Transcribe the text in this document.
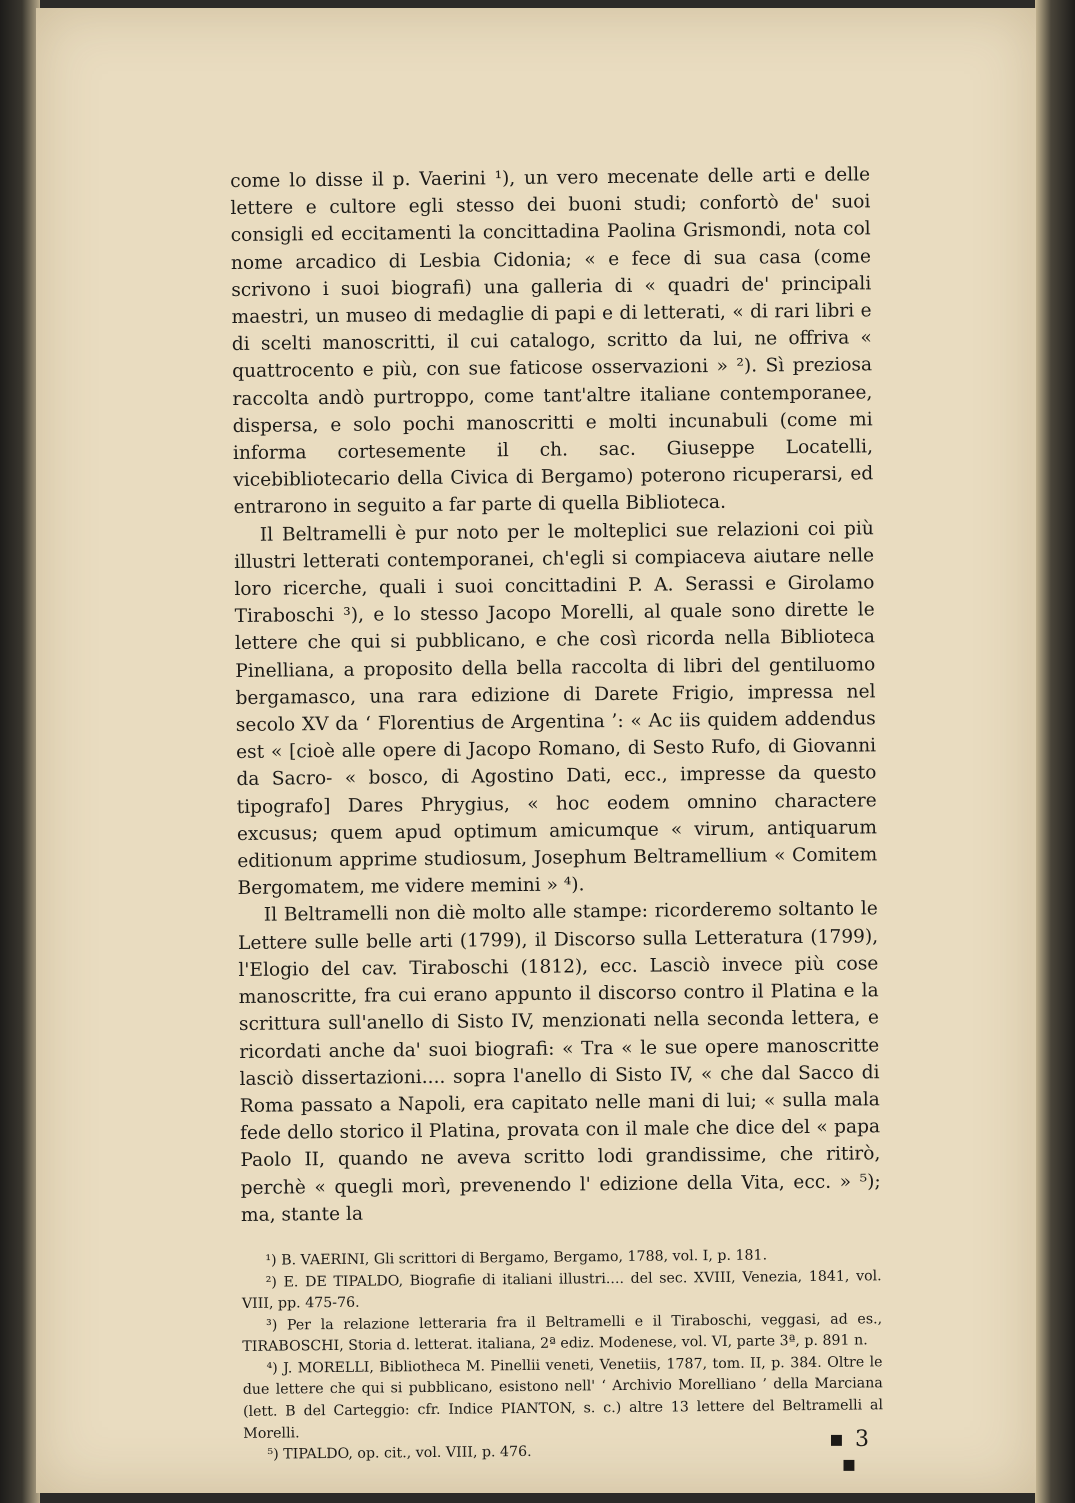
come lo disse il p. Vaerini ¹), un vero mecenate delle arti e delle lettere e cultore egli stesso dei buoni studi; confortò de' suoi consigli ed eccitamenti la concittadina Paolina Grismondi, nota col nome arcadico di Lesbia Cidonia; « e fece di sua casa (come scrivono i suoi biografi) una galleria di « quadri de' principali maestri, un museo di medaglie di papi e di letterati, « di rari libri e di scelti manoscritti, il cui catalogo, scritto da lui, ne offriva « quattrocento e più, con sue faticose osservazioni » ²). Sì preziosa raccolta andò purtroppo, come tant'altre italiane contemporanee, dispersa, e solo pochi manoscritti e molti incunabuli (come mi informa cortesemente il ch. sac. Giuseppe Locatelli, vicebibliotecario della Civica di Bergamo) poterono ricuperarsi, ed entrarono in seguito a far parte di quella Biblioteca.

Il Beltramelli è pur noto per le molteplici sue relazioni coi più illustri letterati contemporanei, ch'egli si compiaceva aiutare nelle loro ricerche, quali i suoi concittadini P. A. Serassi e Girolamo Tiraboschi ³), e lo stesso Jacopo Morelli, al quale sono dirette le lettere che qui si pubblicano, e che così ricorda nella Biblioteca Pinelliana, a proposito della bella raccolta di libri del gentiluomo bergamasco, una rara edizione di Darete Frigio, impressa nel secolo XV da ‘ Florentius de Argentina ’: « Ac iis quidem addendus est « [cioè alle opere di Jacopo Romano, di Sesto Rufo, di Giovanni da Sacro- « bosco, di Agostino Dati, ecc., impresse da questo tipografo] Dares Phrygius, « hoc eodem omnino charactere excusus; quem apud optimum amicumque « virum, antiquarum editionum apprime studiosum, Josephum Beltramellium « Comitem Bergomatem, me videre memini » ⁴).

Il Beltramelli non diè molto alle stampe: ricorderemo soltanto le Lettere sulle belle arti (1799), il Discorso sulla Letteratura (1799), l'Elogio del cav. Tiraboschi (1812), ecc. Lasciò invece più cose manoscritte, fra cui erano appunto il discorso contro il Platina e la scrittura sull'anello di Sisto IV, menzionati nella seconda lettera, e ricordati anche da' suoi biografi: « Tra « le sue opere manoscritte lasciò dissertazioni.... sopra l'anello di Sisto IV, « che dal Sacco di Roma passato a Napoli, era capitato nelle mani di lui; « sulla mala fede dello storico il Platina, provata con il male che dice del « papa Paolo II, quando ne aveva scritto lodi grandissime, che ritirò, perchè « quegli morì, prevenendo l' edizione della Vita, ecc. » ⁵); ma, stante la

¹) B. VAERINI, Gli scrittori di Bergamo, Bergamo, 1788, vol. I, p. 181.

²) E. DE TIPALDO, Biografie di italiani illustri.... del sec. XVIII, Venezia, 1841, vol. VIII, pp. 475-76.

³) Per la relazione letteraria fra il Beltramelli e il Tiraboschi, veggasi, ad es., TIRABOSCHI, Storia d. letterat. italiana, 2ª ediz. Modenese, vol. VI, parte 3ª, p. 891 n.

⁴) J. MORELLI, Bibliotheca M. Pinellii veneti, Venetiis, 1787, tom. II, p. 384. Oltre le due lettere che qui si pubblicano, esistono nell' ‘ Archivio Morelliano ’ della Marciana (lett. B del Carteggio: cfr. Indice PIANTON, s. c.) altre 13 lettere del Beltramelli al Morelli.

⁵) TIPALDO, op. cit., vol. VIII, p. 476.

▪ 3 ▪
